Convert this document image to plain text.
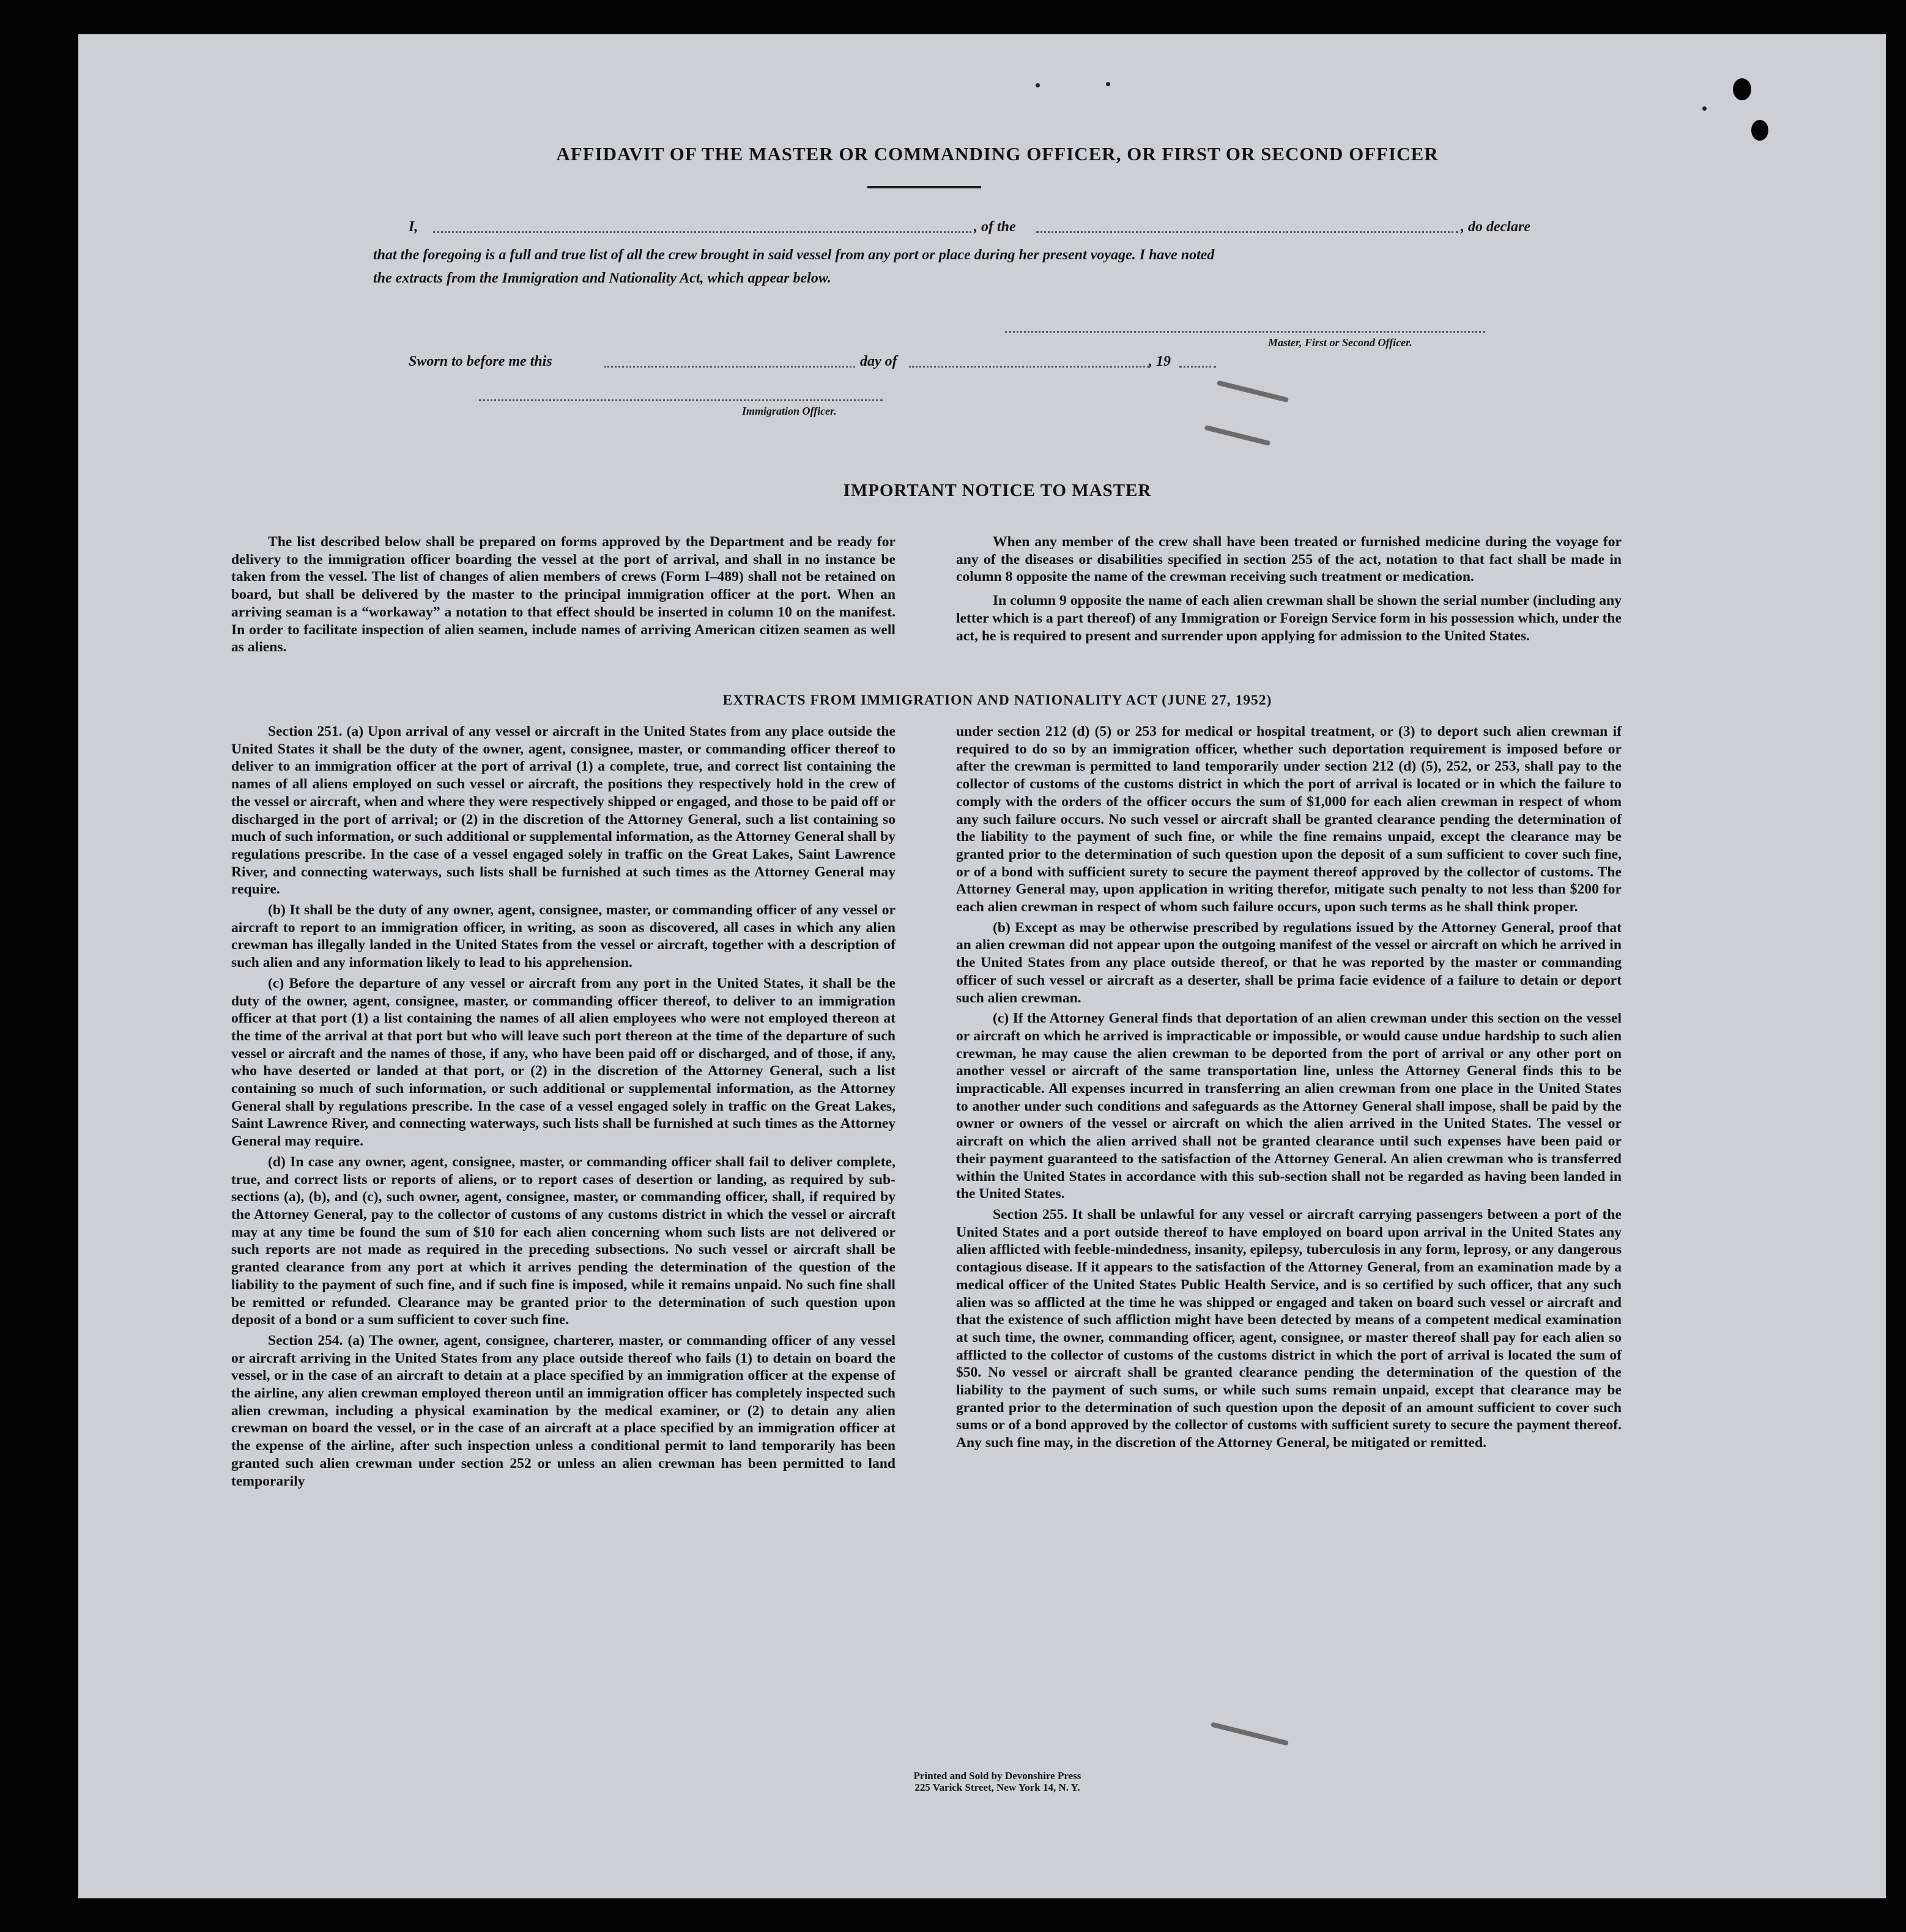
AFFIDAVIT OF THE MASTER OR COMMANDING OFFICER, OR FIRST OR SECOND OFFICER
I,	, of the	, do declare
that the foregoing is a full and true list of all the crew brought in said vessel from any port or place during her present voyage. I have noted
the extracts from the Immigration and Nationality Act, which appear below.
Master, First or Second Officer.
Sworn to before me this	day of	, 19
Immigration Officer.
IMPORTANT NOTICE TO MASTER

The list described below shall be prepared on forms approved by the Department and be ready for delivery to the immigration officer boarding the vessel at the port of arrival, and shall in no instance be taken from the vessel. The list of changes of alien members of crews (Form I–489) shall not be retained on board, but shall be delivered by the master to the principal immigration officer at the port. When an arriving seaman is a “workaway” a notation to that effect should be inserted in column 10 on the manifest. In order to facilitate inspection of alien seamen, include names of arriving American citizen seamen as well as aliens.

When any member of the crew shall have been treated or furnished medicine during the voyage for any of the diseases or disabilities specified in section 255 of the act, notation to that fact shall be made in column 8 opposite the name of the crewman receiving such treatment or medication.

In column 9 opposite the name of each alien crewman shall be shown the serial number (including any letter which is a part thereof) of any Immigration or Foreign Service form in his possession which, under the act, he is required to present and surrender upon applying for admission to the United States.

EXTRACTS FROM IMMIGRATION AND NATIONALITY ACT (JUNE 27, 1952)

Section 251. (a) Upon arrival of any vessel or aircraft in the United States from any place outside the United States it shall be the duty of the owner, agent, consignee, master, or commanding officer thereof to deliver to an immigration officer at the port of arrival (1) a complete, true, and correct list containing the names of all aliens employed on such vessel or aircraft, the positions they respectively hold in the crew of the vessel or aircraft, when and where they were respectively shipped or engaged, and those to be paid off or discharged in the port of arrival; or (2) in the discretion of the Attorney General, such a list containing so much of such information, or such additional or supplemental information, as the Attorney General shall by regulations prescribe. In the case of a vessel engaged solely in traffic on the Great Lakes, Saint Lawrence River, and connecting waterways, such lists shall be furnished at such times as the Attorney General may require.

(b) It shall be the duty of any owner, agent, consignee, master, or commanding officer of any vessel or aircraft to report to an immigration officer, in writing, as soon as discovered, all cases in which any alien crewman has illegally landed in the United States from the vessel or aircraft, together with a description of such alien and any information likely to lead to his apprehension.

(c) Before the departure of any vessel or aircraft from any port in the United States, it shall be the duty of the owner, agent, consignee, master, or commanding officer thereof, to deliver to an immigration officer at that port (1) a list containing the names of all alien employees who were not employed thereon at the time of the arrival at that port but who will leave such port thereon at the time of the departure of such vessel or aircraft and the names of those, if any, who have been paid off or discharged, and of those, if any, who have deserted or landed at that port, or (2) in the discretion of the Attorney General, such a list containing so much of such information, or such additional or supplemental information, as the Attorney General shall by regulations prescribe. In the case of a vessel engaged solely in traffic on the Great Lakes, Saint Lawrence River, and connecting waterways, such lists shall be furnished at such times as the Attorney General may require.

(d) In case any owner, agent, consignee, master, or commanding officer shall fail to deliver complete, true, and correct lists or reports of aliens, or to report cases of desertion or landing, as required by sub-sections (a), (b), and (c), such owner, agent, consignee, master, or commanding officer, shall, if required by the Attorney General, pay to the collector of customs of any customs district in which the vessel or aircraft may at any time be found the sum of $10 for each alien concerning whom such lists are not delivered or such reports are not made as required in the preceding subsections. No such vessel or aircraft shall be granted clearance from any port at which it arrives pending the determination of the question of the liability to the payment of such fine, and if such fine is imposed, while it remains unpaid. No such fine shall be remitted or refunded. Clearance may be granted prior to the determination of such question upon deposit of a bond or a sum sufficient to cover such fine.

Section 254. (a) The owner, agent, consignee, charterer, master, or commanding officer of any vessel or aircraft arriving in the United States from any place outside thereof who fails (1) to detain on board the vessel, or in the case of an aircraft to detain at a place specified by an immigration officer at the expense of the airline, any alien crewman employed thereon until an immigration officer has completely inspected such alien crewman, including a physical examination by the medical examiner, or (2) to detain any alien crewman on board the vessel, or in the case of an aircraft at a place specified by an immigration officer at the expense of the airline, after such inspection unless a conditional permit to land temporarily has been granted such alien crewman under section 252 or unless an alien crewman has been permitted to land temporarily

under section 212 (d) (5) or 253 for medical or hospital treatment, or (3) to deport such alien crewman if required to do so by an immigration officer, whether such deportation requirement is imposed before or after the crewman is permitted to land temporarily under section 212 (d) (5), 252, or 253, shall pay to the collector of customs of the customs district in which the port of arrival is located or in which the failure to comply with the orders of the officer occurs the sum of $1,000 for each alien crewman in respect of whom any such failure occurs. No such vessel or aircraft shall be granted clearance pending the determination of the liability to the payment of such fine, or while the fine remains unpaid, except the clearance may be granted prior to the determination of such question upon the deposit of a sum sufficient to cover such fine, or of a bond with sufficient surety to secure the payment thereof approved by the collector of customs. The Attorney General may, upon application in writing therefor, mitigate such penalty to not less than $200 for each alien crewman in respect of whom such failure occurs, upon such terms as he shall think proper.

(b) Except as may be otherwise prescribed by regulations issued by the Attorney General, proof that an alien crewman did not appear upon the outgoing manifest of the vessel or aircraft on which he arrived in the United States from any place outside thereof, or that he was reported by the master or commanding officer of such vessel or aircraft as a deserter, shall be prima facie evidence of a failure to detain or deport such alien crewman.

(c) If the Attorney General finds that deportation of an alien crewman under this section on the vessel or aircraft on which he arrived is impracticable or impossible, or would cause undue hardship to such alien crewman, he may cause the alien crewman to be deported from the port of arrival or any other port on another vessel or aircraft of the same transportation line, unless the Attorney General finds this to be impracticable. All expenses incurred in transferring an alien crewman from one place in the United States to another under such conditions and safeguards as the Attorney General shall impose, shall be paid by the owner or owners of the vessel or aircraft on which the alien arrived in the United States. The vessel or aircraft on which the alien arrived shall not be granted clearance until such expenses have been paid or their payment guaranteed to the satisfaction of the Attorney General. An alien crewman who is transferred within the United States in accordance with this sub-section shall not be regarded as having been landed in the United States.

Section 255. It shall be unlawful for any vessel or aircraft carrying passengers between a port of the United States and a port outside thereof to have employed on board upon arrival in the United States any alien afflicted with feeble-mindedness, insanity, epilepsy, tuberculosis in any form, leprosy, or any dangerous contagious disease. If it appears to the satisfaction of the Attorney General, from an examination made by a medical officer of the United States Public Health Service, and is so certified by such officer, that any such alien was so afflicted at the time he was shipped or engaged and taken on board such vessel or aircraft and that the existence of such affliction might have been detected by means of a competent medical examination at such time, the owner, commanding officer, agent, consignee, or master thereof shall pay for each alien so afflicted to the collector of customs of the customs district in which the port of arrival is located the sum of $50. No vessel or aircraft shall be granted clearance pending the determination of the question of the liability to the payment of such sums, or while such sums remain unpaid, except that clearance may be granted prior to the determination of such question upon the deposit of an amount sufficient to cover such sums or of a bond approved by the collector of customs with sufficient surety to secure the payment thereof. Any such fine may, in the discretion of the Attorney General, be mitigated or remitted.

Printed and Sold by Devonshire Press
225 Varick Street, New York 14, N. Y.
